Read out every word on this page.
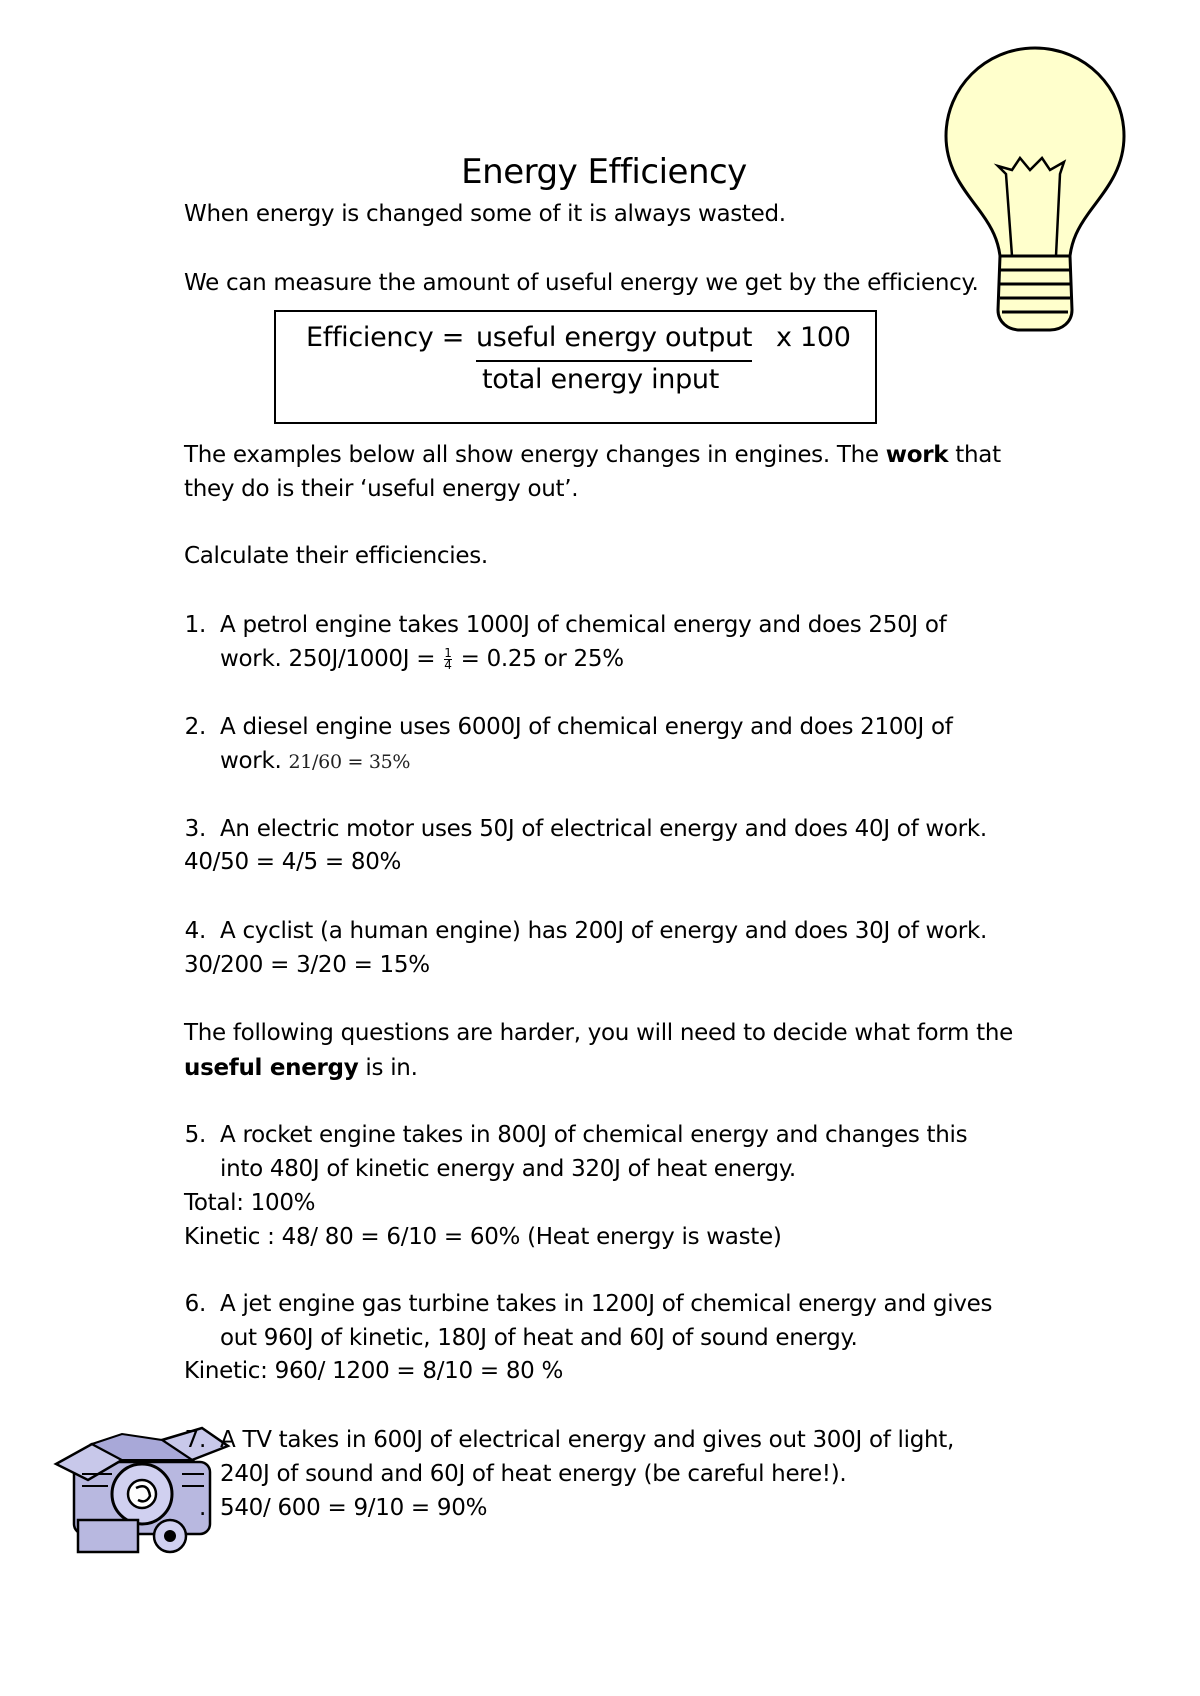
Energy Efficiency
When energy is changed some of it is always wasted.
We can measure the amount of useful energy we get by the efficiency.
Efficiency = useful energy output
total energy input
x 100
The examples below all show energy changes in engines. The work that
they do is their ‘useful energy out’.
Calculate their efficiencies.
1. A petrol engine takes 1000J of chemical energy and does 250J of
work. $250J/1000J = \frac{1}{4} = 0.25$ or 25%
2. A diesel engine uses 6000J of chemical energy and does 2100J of
work. 21/60 = 35%
3. An electric motor uses 50J of electrical energy and does 40J of work.
40/50 = 4/5 = 80%
4. A cyclist (a human engine) has 200J of energy and does 30J of work.
30/200 = 3/20 = 15%
The following questions are harder, you will need to decide what form the
useful energy is in.
5. A rocket engine takes in 800J of chemical energy and changes this
into 480J of kinetic energy and 320J of heat energy.
Total: 100%
Kinetic : 48/ 80 = 6/10 = 60% (Heat energy is waste)
6. A jet engine gas turbine takes in 1200J of chemical energy and gives
out 960J of kinetic, 180J of heat and 60J of sound energy.
Kinetic: 960/ 1200 = 8/10 = 80 %
7. A TV takes in 600J of electrical energy and gives out 300J of light,
240J of sound and 60J of heat energy (be careful here!).
. 540/ 600 = 9/10 = 90%
